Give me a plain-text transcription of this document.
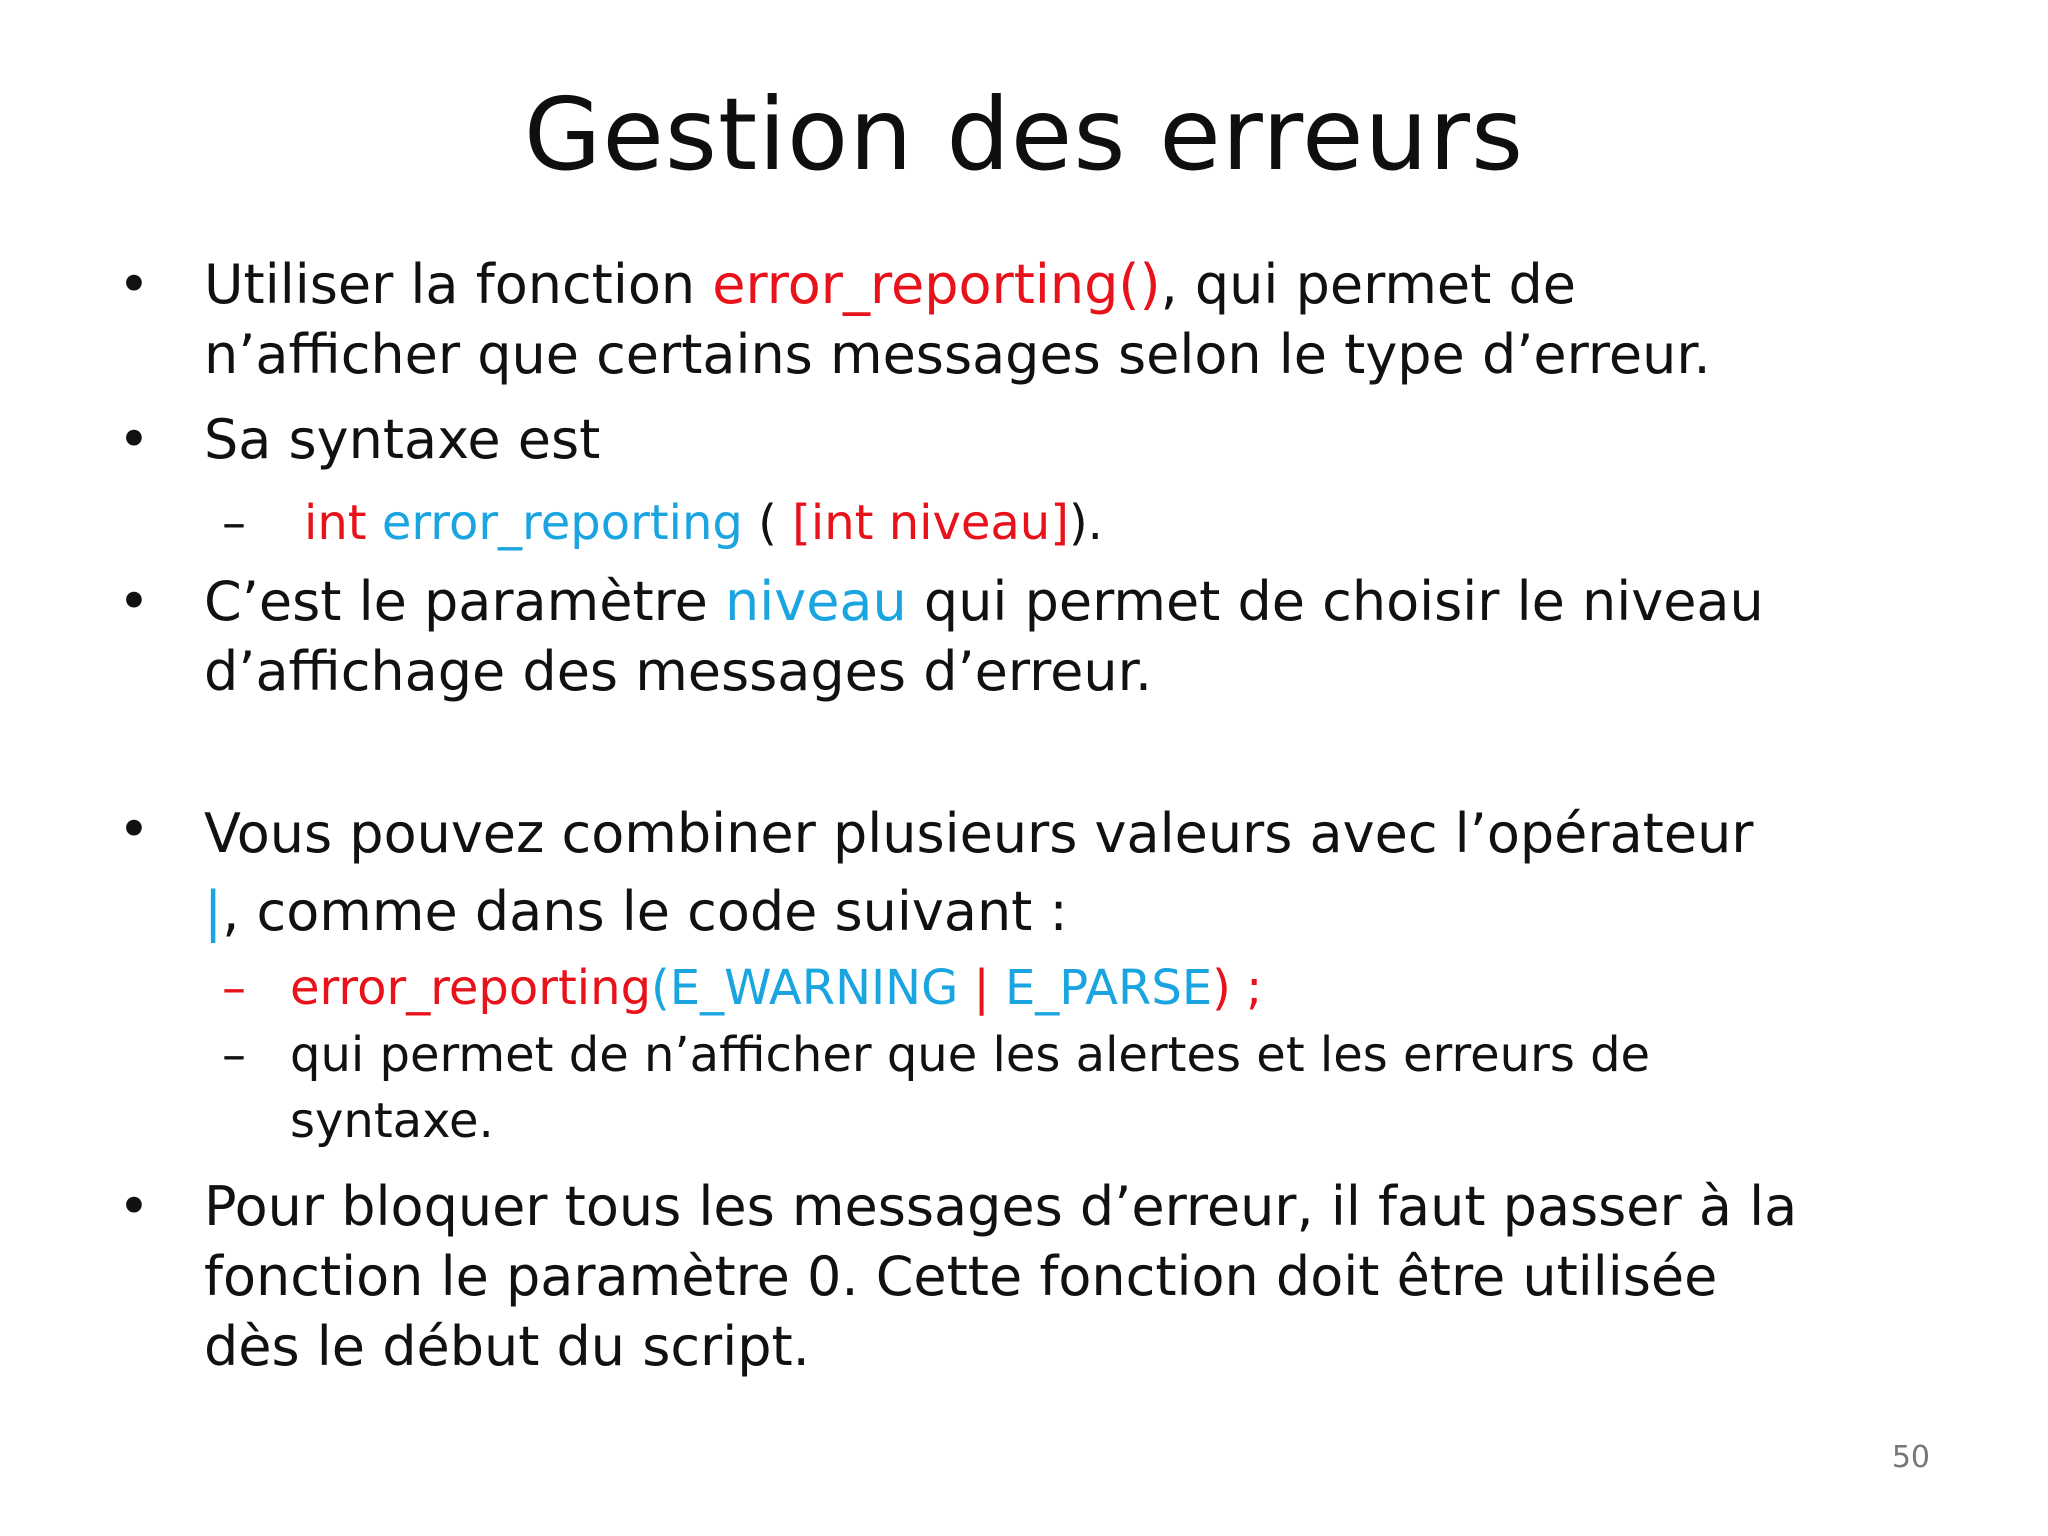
Gestion des erreurs
•	Utiliser la fonction error_reporting(), qui permet de
n’afficher que certains messages selon le type d’erreur.
•	Sa syntaxe est
– int error_reporting ( [int niveau]).
•	C’est le paramètre niveau qui permet de choisir le niveau
d’affichage des messages d’erreur.
•	Vous pouvez combiner plusieurs valeurs avec l’opérateur
|, comme dans le code suivant :
– error_reporting(E_WARNING | E_PARSE) ;
– qui permet de n’afficher que les alertes et les erreurs de
syntaxe.
•	Pour bloquer tous les messages d’erreur, il faut passer à la
fonction le paramètre 0. Cette fonction doit être utilisée
dès le début du script.
50
